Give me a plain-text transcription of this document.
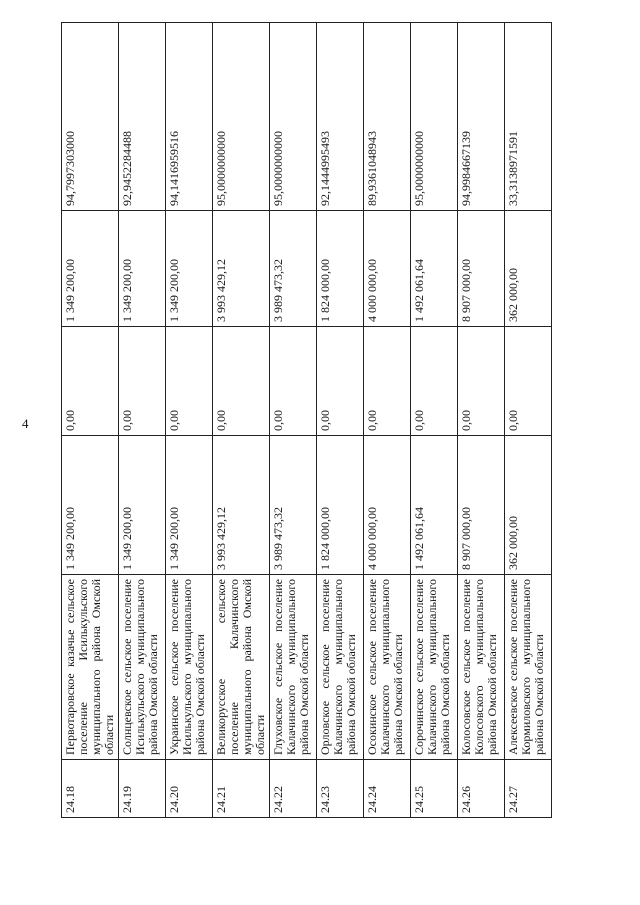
4
24.18	Первотаровское казачье сельское поселение Исилькульского муниципального района Омской области	1 349 200,00	0,00	1 349 200,00	94,7997303000
24.19	Солнцевское сельское поселение Исилькульского муниципального района Омской области	1 349 200,00	0,00	1 349 200,00	92,9452284488
24.20	Украинское сельское поселение Исилькульского муниципального района Омской области	1 349 200,00	0,00	1 349 200,00	94,1416959516
24.21	Великорусское сельское поселение Калачинского муниципального района Омской области	3 993 429,12	0,00	3 993 429,12	95,0000000000
24.22	Глуховское сельское поселение Калачинского муниципального района Омской области	3 989 473,32	0,00	3 989 473,32	95,0000000000
24.23	Орловское сельское поселение Калачинского муниципального района Омской области	1 824 000,00	0,00	1 824 000,00	92,1444995493
24.24	Осокинское сельское поселение Калачинского муниципального района Омской области	4 000 000,00	0,00	4 000 000,00	89,9361048943
24.25	Сорочинское сельское поселение Калачинского муниципального района Омской области	1 492 061,64	0,00	1 492 061,64	95,0000000000
24.26	Колосовское сельское поселение Колосовского муниципального района Омской области	8 907 000,00	0,00	8 907 000,00	94,9984667139
24.27	Алексеевское сельское поселение Кормиловского муниципального района Омской области	362 000,00	0,00	362 000,00	33,3138971591
